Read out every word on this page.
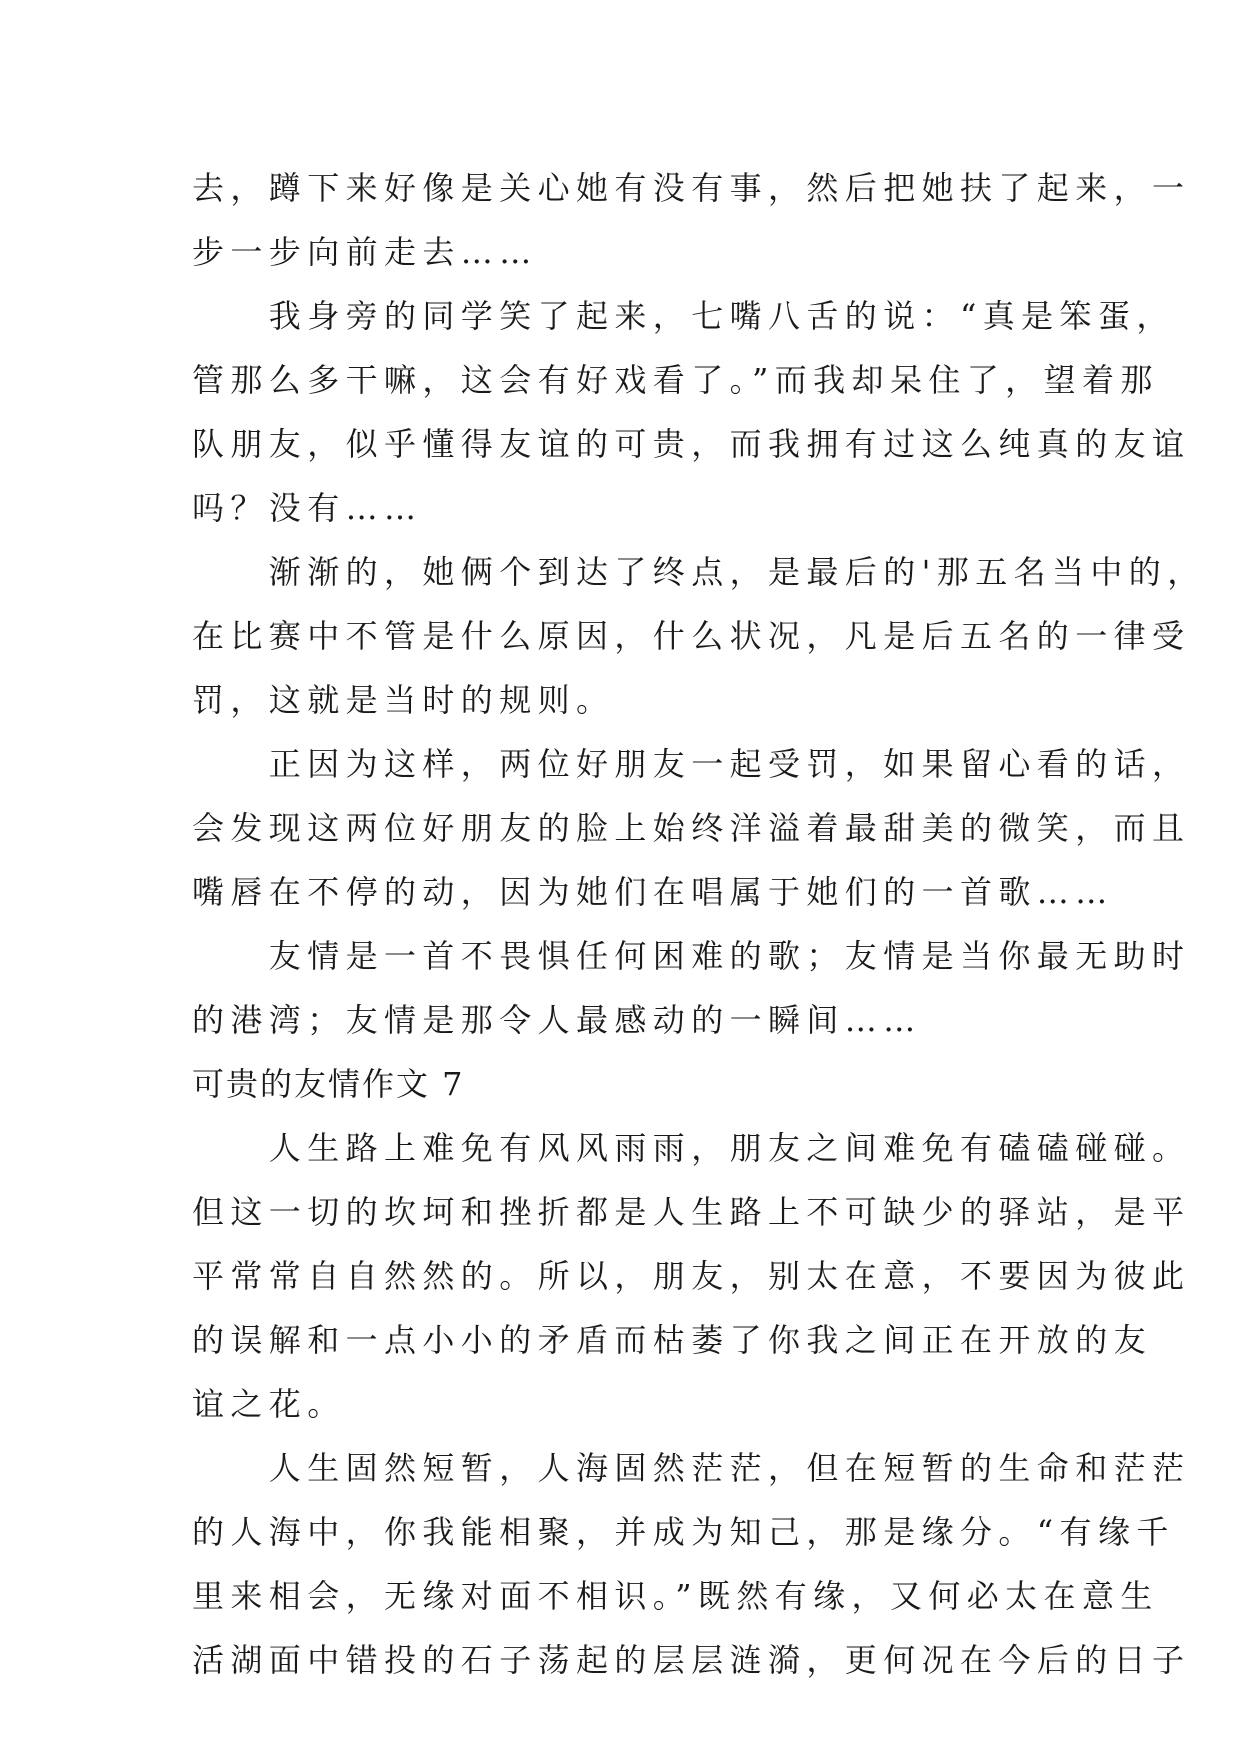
去，蹲下来好像是关心她有没有事，然后把她扶了起来，一
步一步向前走去……
　　我身旁的同学笑了起来，七嘴八舌的说：“真是笨蛋，
管那么多干嘛，这会有好戏看了。”而我却呆住了，望着那
队朋友，似乎懂得友谊的可贵，而我拥有过这么纯真的友谊
吗？没有……
　　渐渐的，她俩个到达了终点，是最后的'那五名当中的，
在比赛中不管是什么原因，什么状况，凡是后五名的一律受
罚，这就是当时的规则。
　　正因为这样，两位好朋友一起受罚，如果留心看的话，
会发现这两位好朋友的脸上始终洋溢着最甜美的微笑，而且
嘴唇在不停的动，因为她们在唱属于她们的一首歌……
　　友情是一首不畏惧任何困难的歌；友情是当你最无助时
的港湾；友情是那令人最感动的一瞬间……
可贵的友情作文 7
　　人生路上难免有风风雨雨，朋友之间难免有磕磕碰碰。
但这一切的坎坷和挫折都是人生路上不可缺少的驿站，是平
平常常自自然然的。所以，朋友，别太在意，不要因为彼此
的误解和一点小小的矛盾而枯萎了你我之间正在开放的友
谊之花。
　　人生固然短暂，人海固然茫茫，但在短暂的生命和茫茫
的人海中，你我能相聚，并成为知己，那是缘分。“有缘千
里来相会，无缘对面不相识。”既然有缘，又何必太在意生
活湖面中错投的石子荡起的层层涟漪，更何况在今后的日子
